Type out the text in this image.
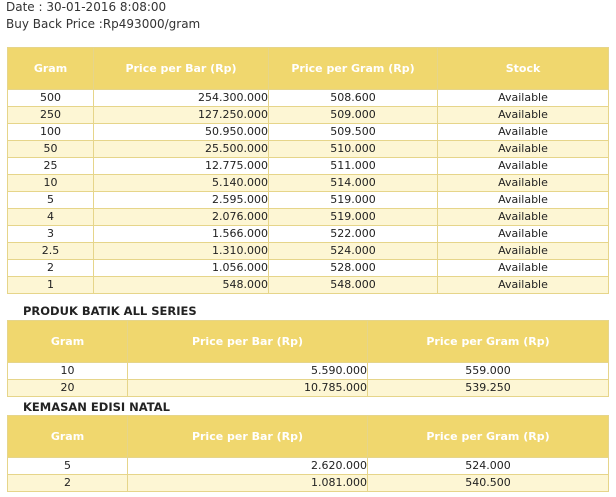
Date : 30-01-2016 8:08:00
Buy Back Price :Rp493000/gram
Gram	Price per Bar (Rp)	Price per Gram (Rp)	Stock
500	254.300.000	508.600	Available
250	127.250.000	509.000	Available
100	50.950.000	509.500	Available
50	25.500.000	510.000	Available
25	12.775.000	511.000	Available
10	5.140.000	514.000	Available
5	2.595.000	519.000	Available
4	2.076.000	519.000	Available
3	1.566.000	522.000	Available
2.5	1.310.000	524.000	Available
2	1.056.000	528.000	Available
1	548.000	548.000	Available
PRODUK BATIK ALL SERIES
Gram	Price per Bar (Rp)	Price per Gram (Rp)
10	5.590.000	559.000
20	10.785.000	539.250
KEMASAN EDISI NATAL
Gram	Price per Bar (Rp)	Price per Gram (Rp)
5	2.620.000	524.000
2	1.081.000	540.500
